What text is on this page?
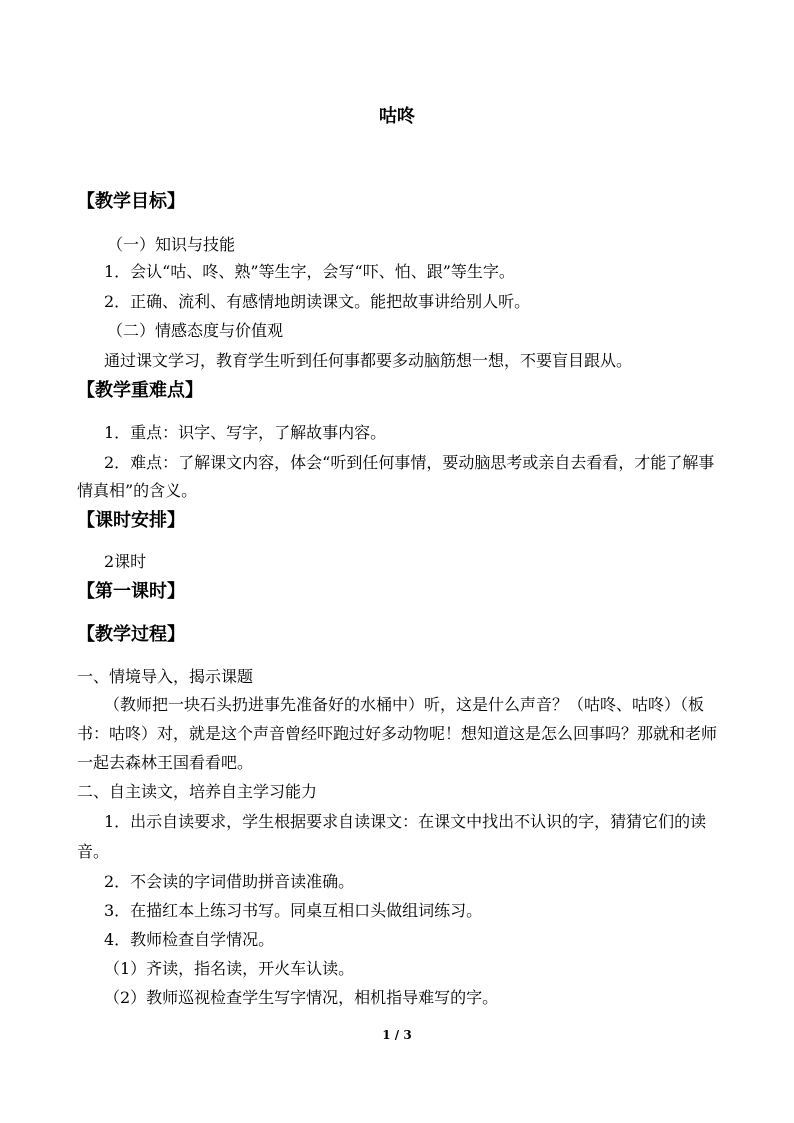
咕咚
【教学目标】
（一）知识与技能
1．会认“咕、咚、熟”等生字，会写“吓、怕、跟”等生字。
2．正确、流利、有感情地朗读课文。能把故事讲给别人听。
（二）情感态度与价值观
通过课文学习，教育学生听到任何事都要多动脑筋想一想，不要盲目跟从。
【教学重难点】
1．重点：识字、写字，了解故事内容。
2．难点：了解课文内容，体会“听到任何事情，要动脑思考或亲自去看看，才能了解事
情真相”的含义。
【课时安排】
2课时
【第一课时】
【教学过程】
一、情境导入，揭示课题
（教师把一块石头扔进事先准备好的水桶中）听，这是什么声音？（咕咚、咕咚）（板
书：咕咚）对，就是这个声音曾经吓跑过好多动物呢！想知道这是怎么回事吗？那就和老师
一起去森林王国看看吧。
二、自主读文，培养自主学习能力
1．出示自读要求，学生根据要求自读课文：在课文中找出不认识的字，猜猜它们的读
音。
2．不会读的字词借助拼音读准确。
3．在描红本上练习书写。同桌互相口头做组词练习。
4．教师检查自学情况。
（1）齐读，指名读，开火车认读。
（2）教师巡视检查学生写字情况，相机指导难写的字。
1 / 3
